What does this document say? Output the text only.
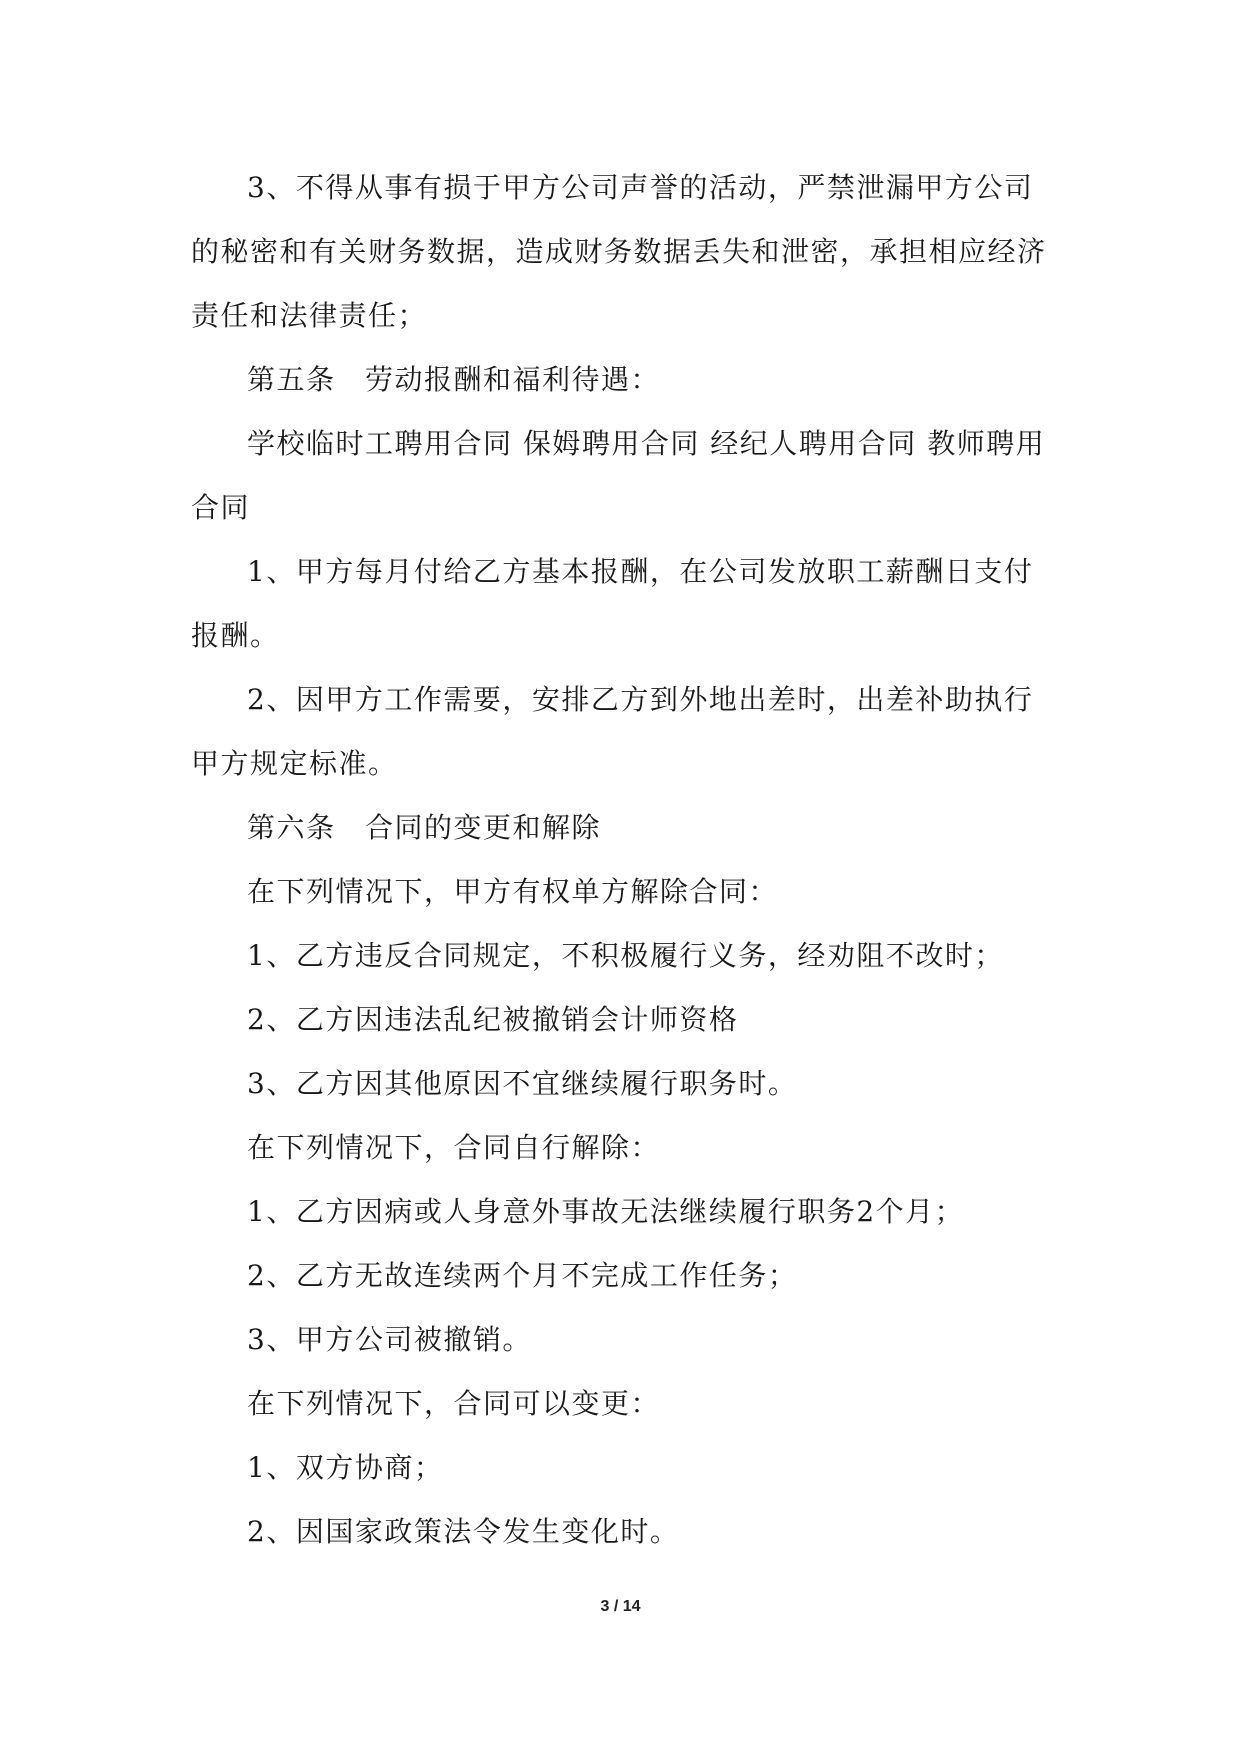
3、不得从事有损于甲方公司声誉的活动，严禁泄漏甲方公司的秘密和有关财务数据，造成财务数据丢失和泄密，承担相应经济责任和法律责任；

第五条　劳动报酬和福利待遇：

学校临时工聘用合同 保姆聘用合同 经纪人聘用合同 教师聘用合同

1、甲方每月付给乙方基本报酬，在公司发放职工薪酬日支付报酬。

2、因甲方工作需要，安排乙方到外地出差时，出差补助执行甲方规定标准。

第六条　合同的变更和解除

在下列情况下，甲方有权单方解除合同：

1、乙方违反合同规定，不积极履行义务，经劝阻不改时；

2、乙方因违法乱纪被撤销会计师资格

3、乙方因其他原因不宜继续履行职务时。

在下列情况下，合同自行解除：

1、乙方因病或人身意外事故无法继续履行职务2个月；

2、乙方无故连续两个月不完成工作任务；

3、甲方公司被撤销。

在下列情况下，合同可以变更：

1、双方协商；

2、因国家政策法令发生变化时。

3 / 14
